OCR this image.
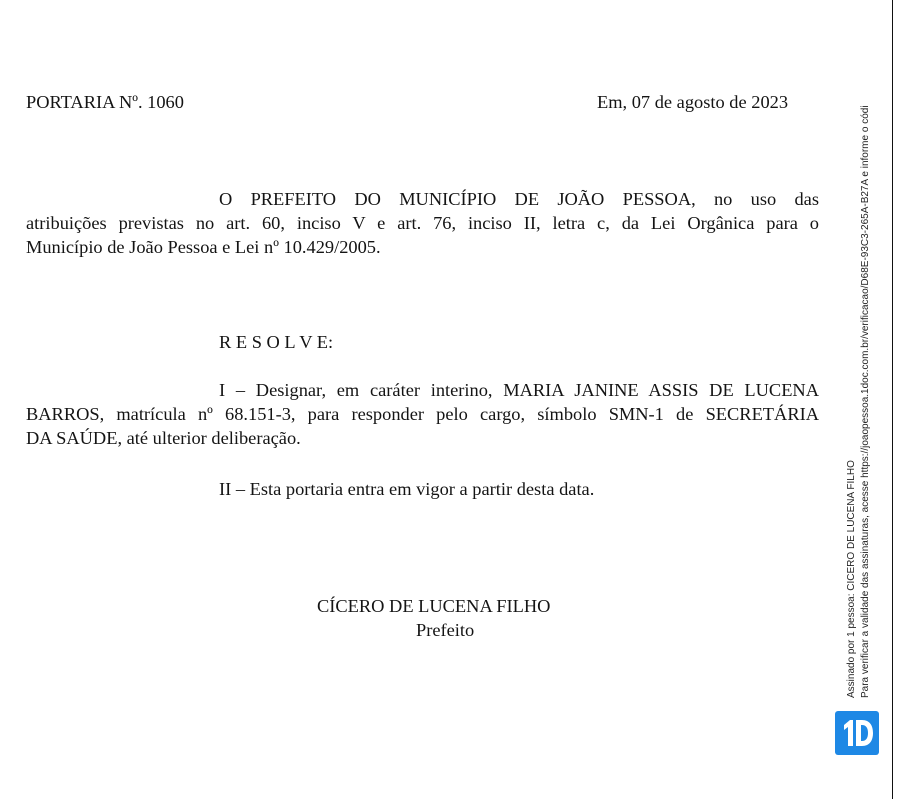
PORTARIA Nº. 1060	Em, 07 de agosto de 2023
O PREFEITO DO MUNICÍPIO DE JOÃO PESSOA, no uso das
atribuições previstas no art. 60, inciso V e art. 76, inciso II, letra c, da Lei Orgânica para o
Município de João Pessoa e Lei nº 10.429/2005.
R E S O L V E:
I – Designar, em caráter interino, MARIA JANINE ASSIS DE LUCENA
BARROS, matrícula nº 68.151-3, para responder pelo cargo, símbolo SMN-1 de SECRETÁRIA
DA SAÚDE, até ulterior deliberação.
II – Esta portaria entra em vigor a partir desta data.
CÍCERO DE LUCENA FILHO
Prefeito	Assinado por 1 pessoa: CICERO DE LUCENA FILHO Para verificar a validade das assinaturas, acesse https://joaopessoa.1doc.com.br/verificacao/D68E-93C3-265A-B27A e informe o códi
